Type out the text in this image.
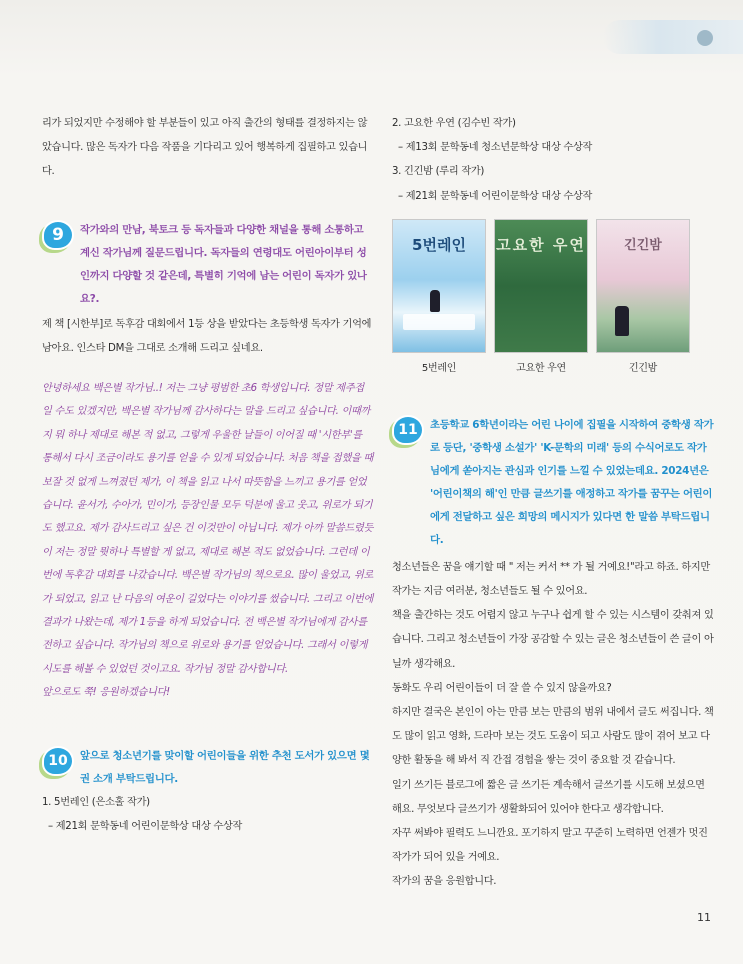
리가 되었지만 수정해야 할 부분들이 있고 아직 출간의 형태를 결정하지는 않았습니다. 많은 독자가 다음 작품을 기다리고 있어 행복하게 집필하고 있습니다.

9	작가와의 만남, 북토크 등 독자들과 다양한 채널을 통해 소통하고 계신 작가님께 질문드립니다. 독자들의 연령대도 어린아이부터 성인까지 다양할 것 같은데, 특별히 기억에 남는 어린이 독자가 있나요?.

제 책 [시한부]로 독후감 대회에서 1등 상을 받았다는 초등학생 독자가 기억에 남아요. 인스타 DM을 그대로 소개해 드리고 싶네요.

안녕하세요 백은별 작가님..! 저는 그냥 평범한 초6 학생입니다. 정말 제주접 일 수도 있겠지만, 백은별 작가님께 감사하다는 말을 드리고 싶습니다. 이때까지 뭐 하나 제대로 해본 적 없고, 그렇게 우울한 날들이 이어질 때 '시한부'를 통해서 다시 조금이라도 용기를 얻을 수 있게 되었습니다. 처음 책을 접했을 때 보잘 것 없게 느껴졌던 제가, 이 책을 읽고 나서 따뜻함을 느끼고 용기를 얻었습니다. 윤서가, 수아가, 민이가, 등장인물 모두 덕분에 울고 웃고, 위로가 되기도 했고요. 제가 감사드리고 싶은 건 이것만이 아닙니다. 제가 아까 말씀드렸듯이 저는 정말 뭣하나 특별할 게 없고, 제대로 해본 적도 없었습니다. 그런데 이번에 독후감 대회를 나갔습니다. 백은별 작가님의 책으로요. 많이 울었고, 위로가 되었고, 읽고 난 다음의 여운이 길었다는 이야기를 썼습니다. 그리고 이번에 결과가 나왔는데, 제가 1등을 하게 되었습니다. 전 백은별 작가님에게 감사를 전하고 싶습니다. 작가님의 책으로 위로와 용기를 얻었습니다. 그래서 이렇게 시도를 해볼 수 있었던 것이고요. 작가님 정말 감사합니다.

앞으로도 쭉! 응원하겠습니다!

10	앞으로 청소년기를 맞이할 어린이들을 위한 추천 도서가 있으면 몇 권 소개 부탁드립니다.

1. 5번레인 (은소홀 작가)

– 제21회 문학동네 어린이문학상 대상 수상작

2. 고요한 우연 (김수빈 작가)

– 제13회 문학동네 청소년문학상 대상 수상작

3. 긴긴밤 (루리 작가)

– 제21회 문학동네 어린이문학상 대상 수상작

5번레인
5번레인
고요한 우연
고요한 우연
긴긴밤
긴긴밤
11	초등학교 6학년이라는 어린 나이에 집필을 시작하여 중학생 작가로 등단, '중학생 소설가' 'K-문학의 미래' 등의 수식어로도 작가님에게 쏟아지는 관심과 인기를 느낄 수 있었는데요. 2024년은 '어린이책의 해'인 만큼 글쓰기를 애정하고 작가를 꿈꾸는 어린이에게 전달하고 싶은 희망의 메시지가 있다면 한 말씀 부탁드립니다.

청소년들은 꿈을 얘기할 때 " 저는 커서 ** 가 될 거예요!"라고 하죠. 하지만 작가는 지금 여러분, 청소년들도 될 수 있어요.

책을 출간하는 것도 어렵지 않고 누구나 쉽게 할 수 있는 시스템이 갖춰져 있습니다. 그리고 청소년들이 가장 공감할 수 있는 글은 청소년들이 쓴 글이 아닐까 생각해요.

동화도 우리 어린이들이 더 잘 쓸 수 있지 않을까요?

하지만 결국은 본인이 아는 만큼 보는 만큼의 범위 내에서 글도 써집니다. 책도 많이 읽고 영화, 드라마 보는 것도 도움이 되고 사람도 많이 겪어 보고 다양한 활동을 해 봐서 직 간접 경험을 쌓는 것이 중요할 것 같습니다.

일기 쓰기든 블로그에 짧은 글 쓰기든 계속해서 글쓰기를 시도해 보셨으면 해요. 무엇보다 글쓰기가 생활화되어 있어야 한다고 생각합니다.

자꾸 써봐야 필력도 느니깐요. 포기하지 말고 꾸준히 노력하면 언젠가 멋진 작가가 되어 있을 거예요.

작가의 꿈을 응원합니다.

11
